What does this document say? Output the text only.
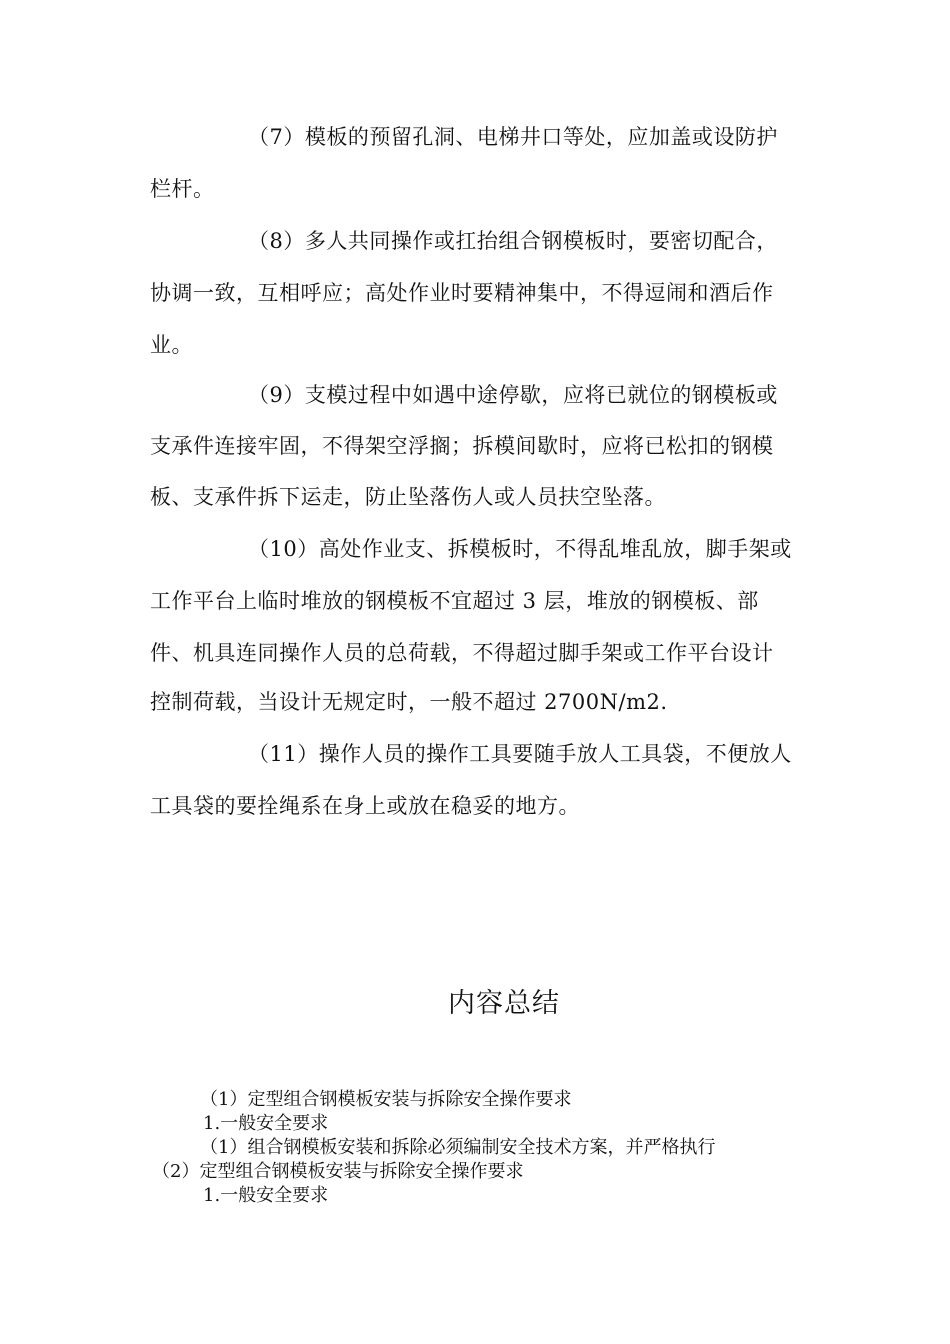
（7）模板的预留孔洞、电梯井口等处，应加盖或设防护
栏杆。
（8）多人共同操作或扛抬组合钢模板时，要密切配合，
协调一致，互相呼应；高处作业时要精神集中，不得逗闹和酒后作
业。
（9）支模过程中如遇中途停歇，应将已就位的钢模板或
支承件连接牢固，不得架空浮搁；拆模间歇时，应将已松扣的钢模
板、支承件拆下运走，防止坠落伤人或人员扶空坠落。
（10）高处作业支、拆模板时，不得乱堆乱放，脚手架或
工作平台上临时堆放的钢模板不宜超过 3 层，堆放的钢模板、部
件、机具连同操作人员的总荷载，不得超过脚手架或工作平台设计
控制荷载，当设计无规定时，一般不超过 2700N/m2.
（11）操作人员的操作工具要随手放人工具袋，不便放人
工具袋的要拴绳系在身上或放在稳妥的地方。
内容总结
（1）定型组合钢模板安装与拆除安全操作要求
1.一般安全要求
（1）组合钢模板安装和拆除必须编制安全技术方案，并严格执行
（2）定型组合钢模板安装与拆除安全操作要求
1.一般安全要求
